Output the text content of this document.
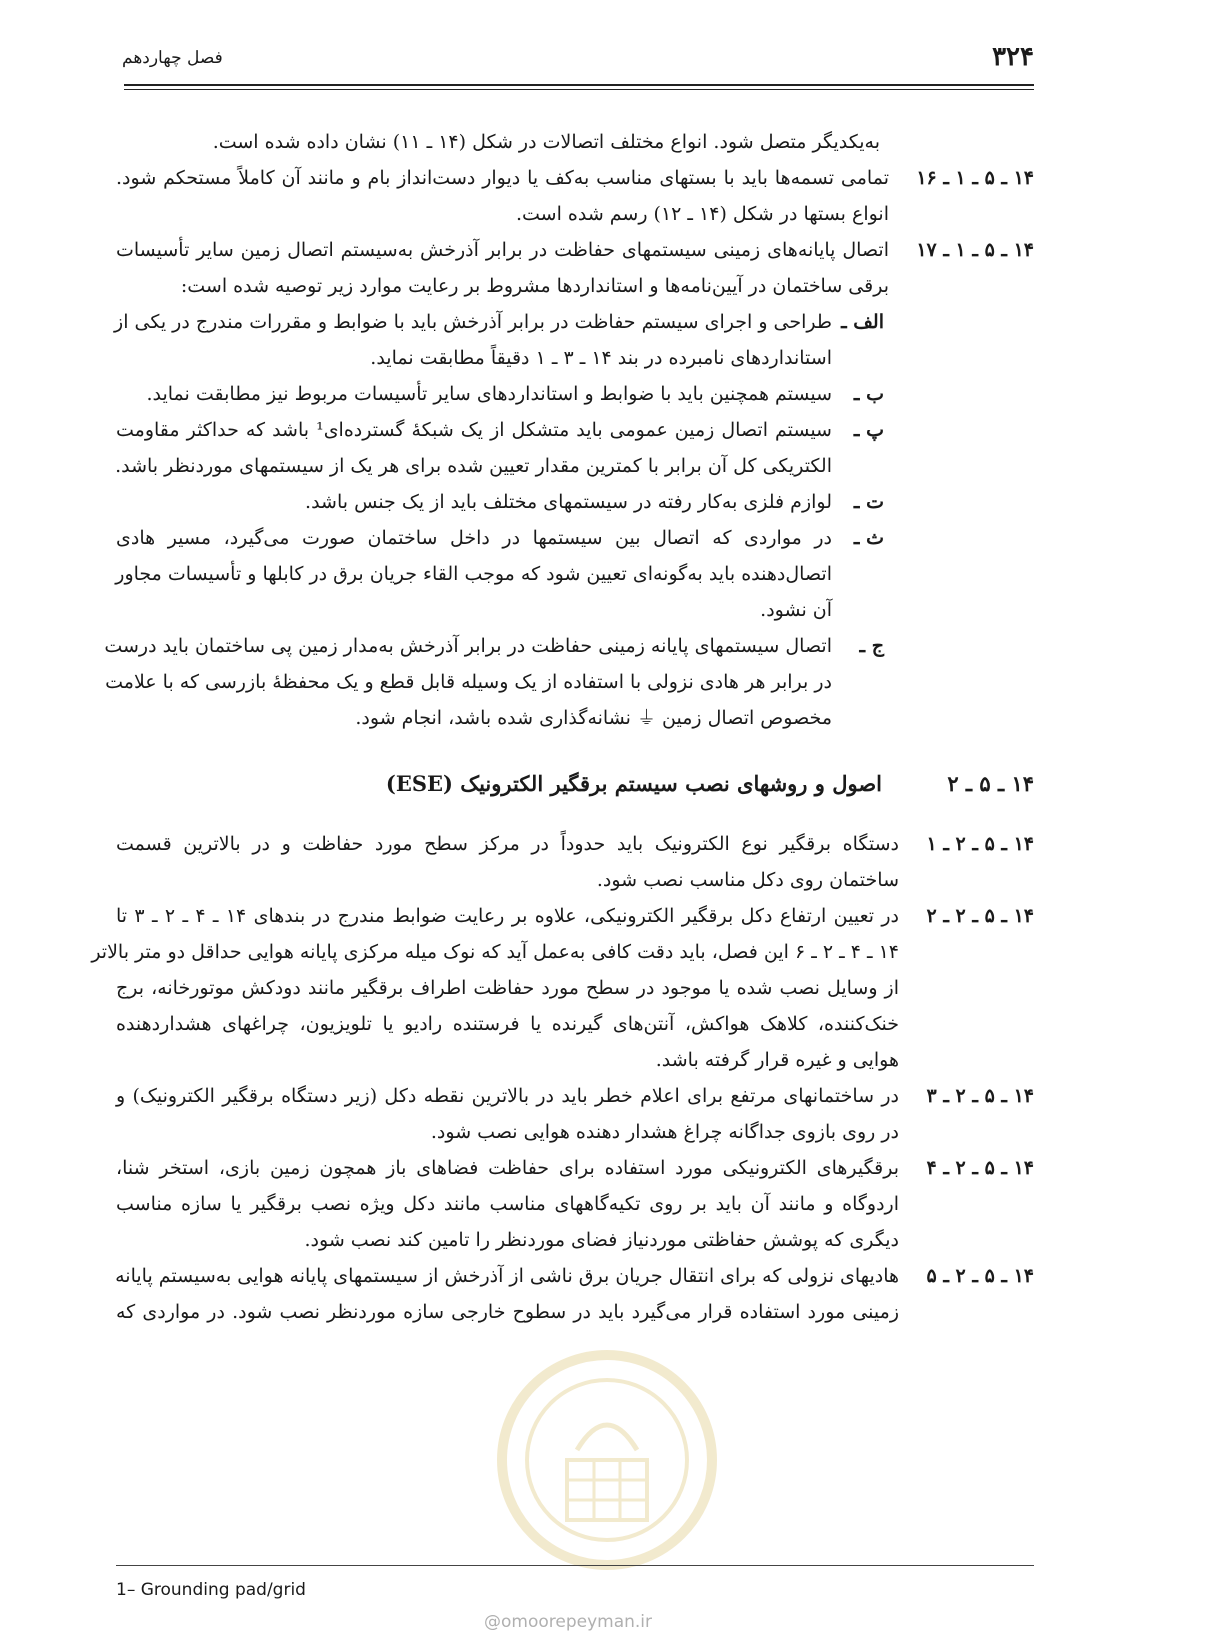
۳۲۴
فصل چهاردهم
به‌یکدیگر متصل شود. انواع مختلف اتصالات در شکل (۱۴ ـ ۱۱) نشان داده شده است.
۱۴ ـ ۵ ـ ۱ ـ ۱۶
تمامی تسمه‌ها باید با بستهای مناسب به‌کف یا دیوار دست‌انداز بام و مانند آن کاملاً مستحکم شود.
انواع بستها در شکل (۱۴ ـ ۱۲) رسم شده است.
۱۴ ـ ۵ ـ ۱ ـ ۱۷
اتصال پایانه‌های زمینی سیستمهای حفاظت در برابر آذرخش به‌سیستم اتصال زمین سایر تأسیسات
برقی ساختمان در آیین‌نامه‌ها و استانداردها مشروط بر رعایت موارد زیر توصیه شده است:
الف ـ
طراحی و اجرای سیستم حفاظت در برابر آذرخش باید با ضوابط و مقررات مندرج در یکی از
استانداردهای نامبرده در بند ۱۴ ـ ۳ ـ ۱ دقیقاً مطابقت نماید.
ب ـ
سیستم همچنین باید با ضوابط و استانداردهای سایر تأسیسات مربوط نیز مطابقت نماید.
پ ـ
سیستم اتصال زمین عمومی باید متشکل از یک شبکهٔ گسترده‌ای¹ باشد که حداکثر مقاومت
الکتریکی کل آن برابر با کمترین مقدار تعیین شده برای هر یک از سیستمهای موردنظر باشد.
ت ـ
لوازم فلزی به‌کار رفته در سیستمهای مختلف باید از یک جنس باشد.
ث ـ
در مواردی که اتصال بین سیستمها در داخل ساختمان صورت می‌گیرد، مسیر هادی
اتصال‌دهنده باید به‌گونه‌ای تعیین شود که موجب القاء جریان برق در کابلها و تأسیسات مجاور
آن نشود.
ج ـ
اتصال سیستمهای پایانه زمینی حفاظت در برابر آذرخش به‌مدار زمین پی ساختمان باید درست
در برابر هر هادی نزولی با استفاده از یک وسیله قابل قطع و یک محفظهٔ بازرسی که با علامت
مخصوص اتصال زمین ⏚ نشانه‌گذاری شده باشد، انجام شود.
۱۴ ـ ۵ ـ ۲
اصول و روشهای نصب سیستم برقگیر الکترونیک (ESE)
۱۴ ـ ۵ ـ ۲ ـ ۱
دستگاه برقگیر نوع الکترونیک باید حدوداً در مرکز سطح مورد حفاظت و در بالاترین قسمت
ساختمان روی دکل مناسب نصب شود.
۱۴ ـ ۵ ـ ۲ ـ ۲
در تعیین ارتفاع دکل برقگیر الکترونیکی، علاوه بر رعایت ضوابط مندرج در بندهای ۱۴ ـ ۴ ـ ۲ ـ ۳ تا
۱۴ ـ ۴ ـ ۲ ـ ۶ این فصل، باید دقت کافی به‌عمل آید که نوک میله مرکزی پایانه هوایی حداقل دو متر بالاتر
از وسایل نصب شده یا موجود در سطح مورد حفاظت اطراف برقگیر مانند دودکش موتورخانه، برج
خنک‌کننده، کلاهک هواکش، آنتن‌های گیرنده یا فرستنده رادیو یا تلویزیون، چراغهای هشداردهنده
هوایی و غیره قرار گرفته باشد.
۱۴ ـ ۵ ـ ۲ ـ ۳
در ساختمانهای مرتفع برای اعلام خطر باید در بالاترین نقطه دکل (زیر دستگاه برقگیر الکترونیک) و
در روی بازوی جداگانه چراغ هشدار دهنده هوایی نصب شود.
۱۴ ـ ۵ ـ ۲ ـ ۴
برقگیرهای الکترونیکی مورد استفاده برای حفاظت فضاهای باز همچون زمین بازی، استخر شنا،
اردوگاه و مانند آن باید بر روی تکیه‌گاههای مناسب مانند دکل ویژه نصب برقگیر یا سازه مناسب
دیگری که پوشش حفاظتی موردنیاز فضای موردنظر را تامین کند نصب شود.
۱۴ ـ ۵ ـ ۲ ـ ۵
هادیهای نزولی که برای انتقال جریان برق ناشی از آذرخش از سیستمهای پایانه هوایی به‌سیستم پایانه
زمینی مورد استفاده قرار می‌گیرد باید در سطوح خارجی سازه موردنظر نصب شود. در مواردی که
1– Grounding pad/grid
@omoorepeyman.ir
